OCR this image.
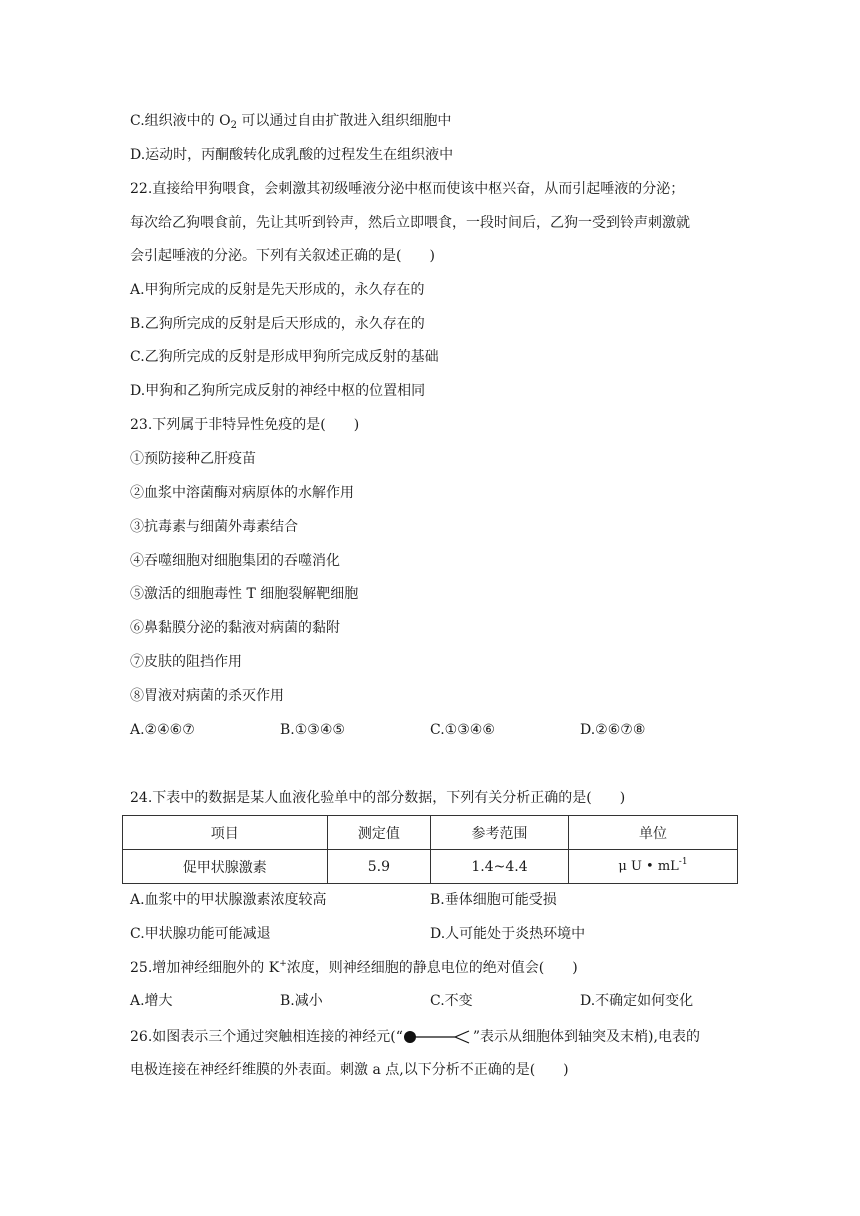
C.组织液中的 $O_2$ 可以通过自由扩散进入组织细胞中
D.运动时，丙酮酸转化成乳酸的过程发生在组织液中
22.直接给甲狗喂食，会刺激其初级唾液分泌中枢而使该中枢兴奋，从而引起唾液的分泌；
每次给乙狗喂食前，先让其听到铃声，然后立即喂食，一段时间后，乙狗一受到铃声刺激就
会引起唾液的分泌。下列有关叙述正确的是(　　)
A.甲狗所完成的反射是先天形成的，永久存在的
B.乙狗所完成的反射是后天形成的，永久存在的
C.乙狗所完成的反射是形成甲狗所完成反射的基础
D.甲狗和乙狗所完成反射的神经中枢的位置相同
23.下列属于非特异性免疫的是(　　)
①预防接种乙肝疫苗
②血浆中溶菌酶对病原体的水解作用
③抗毒素与细菌外毒素结合
④吞噬细胞对细胞集团的吞噬消化
⑤激活的细胞毒性 T 细胞裂解靶细胞
⑥鼻黏膜分泌的黏液对病菌的黏附
⑦皮肤的阻挡作用
⑧胃液对病菌的杀灭作用
A.②④⑥⑦	B.①③④⑤	C.①③④⑥	D.②⑥⑦⑧
24.下表中的数据是某人血液化验单中的部分数据，下列有关分析正确的是(　　)
项目	测定值	参考范围	单位
促甲状腺激素	5.9	1.4~4.4	μ U • $mL^{-1}$
A.血浆中的甲状腺激素浓度较高	B.垂体细胞可能受损
C.甲状腺功能可能减退	D.人可能处于炎热环境中
25.增加神经细胞外的 K+浓度，则神经细胞的静息电位的绝对值会(　　)
A.增大	B.减小	C.不变	D.不确定如何变化
26.如图表示三个通过突触相连接的神经元(“	”表示从细胞体到轴突及末梢),电表的
电极连接在神经纤维膜的外表面。刺激 a 点,以下分析不正确的是(　　)
